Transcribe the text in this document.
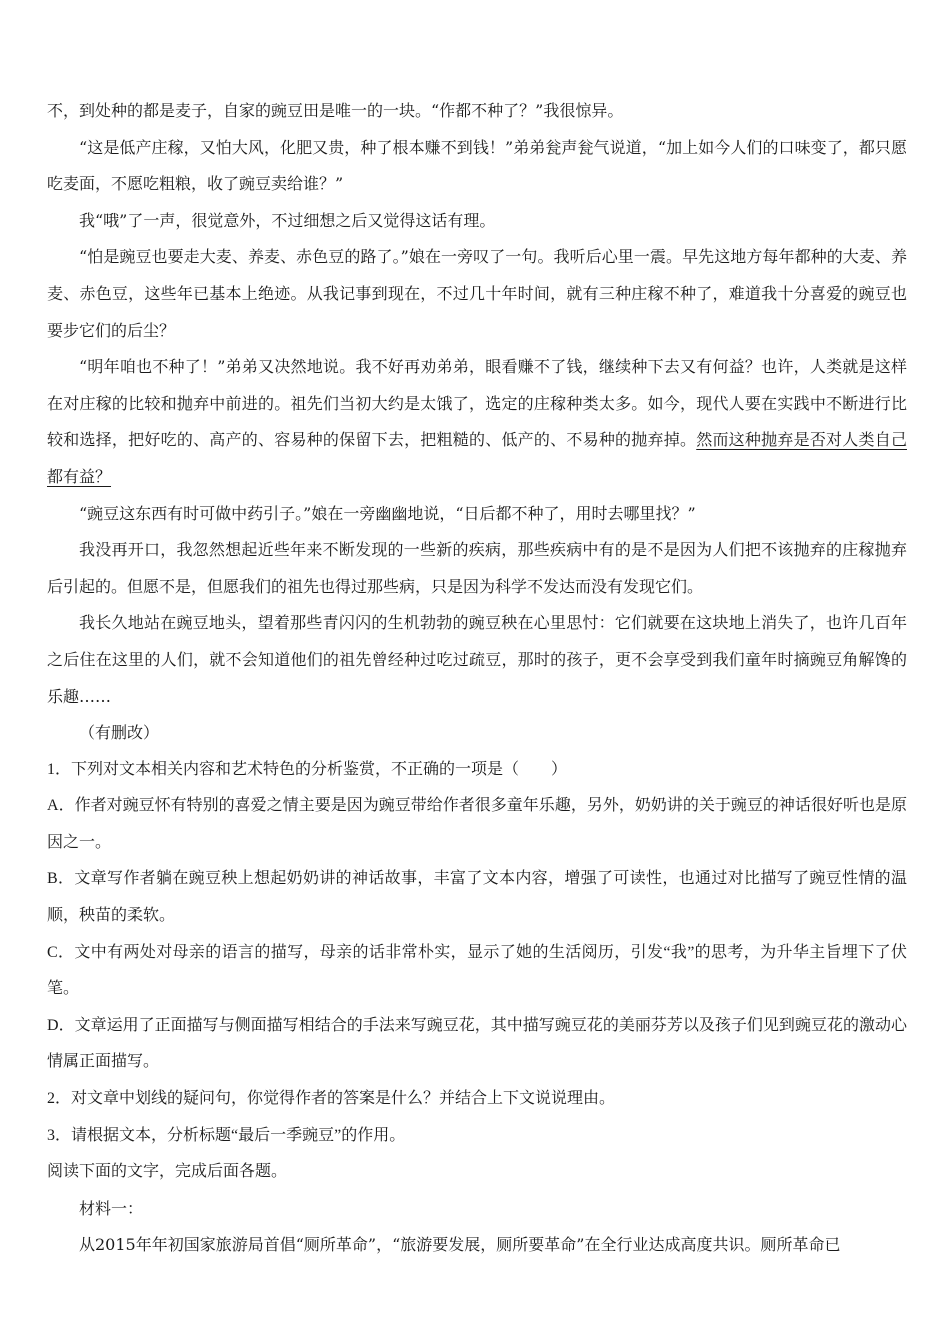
不，到处种的都是麦子，自家的豌豆田是唯一的一块。“作都不种了？”我很惊异。

“这是低产庄稼，又怕大风，化肥又贵，种了根本赚不到钱！”弟弟瓮声瓮气说道，“加上如今人们的口味变了，都只愿吃麦面，不愿吃粗粮，收了豌豆卖给谁？”

我“哦”了一声，很觉意外，不过细想之后又觉得这话有理。

“怕是豌豆也要走大麦、养麦、赤色豆的路了。”娘在一旁叹了一句。我听后心里一震。早先这地方每年都种的大麦、养麦、赤色豆，这些年已基本上绝迹。从我记事到现在，不过几十年时间，就有三种庄稼不种了，难道我十分喜爱的豌豆也要步它们的后尘？

“明年咱也不种了！”弟弟又决然地说。我不好再劝弟弟，眼看赚不了钱，继续种下去又有何益？也许，人类就是这样在对庄稼的比较和抛弃中前进的。祖先们当初大约是太饿了，选定的庄稼种类太多。如今，现代人要在实践中不断进行比较和选择，把好吃的、高产的、容易种的保留下去，把粗糙的、低产的、不易种的抛弃掉。然而这种抛弃是否对人类自己都有益？

“豌豆这东西有时可做中药引子。”娘在一旁幽幽地说，“日后都不种了，用时去哪里找？”

我没再开口，我忽然想起近些年来不断发现的一些新的疾病，那些疾病中有的是不是因为人们把不该抛弃的庄稼抛弃后引起的。但愿不是，但愿我们的祖先也得过那些病，只是因为科学不发达而没有发现它们。

我长久地站在豌豆地头，望着那些青闪闪的生机勃勃的豌豆秧在心里思忖：它们就要在这块地上消失了，也许几百年之后住在这里的人们，就不会知道他们的祖先曾经种过吃过疏豆，那时的孩子，更不会享受到我们童年时摘豌豆角解馋的乐趣……

（有删改）

1．下列对文本相关内容和艺术特色的分析鉴赏，不正确的一项是（　　）

A．作者对豌豆怀有特别的喜爱之情主要是因为豌豆带给作者很多童年乐趣，另外，奶奶讲的关于豌豆的神话很好听也是原因之一。

B．文章写作者躺在豌豆秧上想起奶奶讲的神话故事，丰富了文本内容，增强了可读性，也通过对比描写了豌豆性情的温顺，秧苗的柔软。

C．文中有两处对母亲的语言的描写，母亲的话非常朴实，显示了她的生活阅历，引发“我”的思考，为升华主旨埋下了伏笔。

D．文章运用了正面描写与侧面描写相结合的手法来写豌豆花，其中描写豌豆花的美丽芬芳以及孩子们见到豌豆花的激动心情属正面描写。

2．对文章中划线的疑问句，你觉得作者的答案是什么？并结合上下文说说理由。

3．请根据文本，分析标题“最后一季豌豆”的作用。

阅读下面的文字，完成后面各题。

材料一：

从2015年年初国家旅游局首倡“厕所革命”，“旅游要发展，厕所要革命”在全行业达成高度共识。厕所革命已
